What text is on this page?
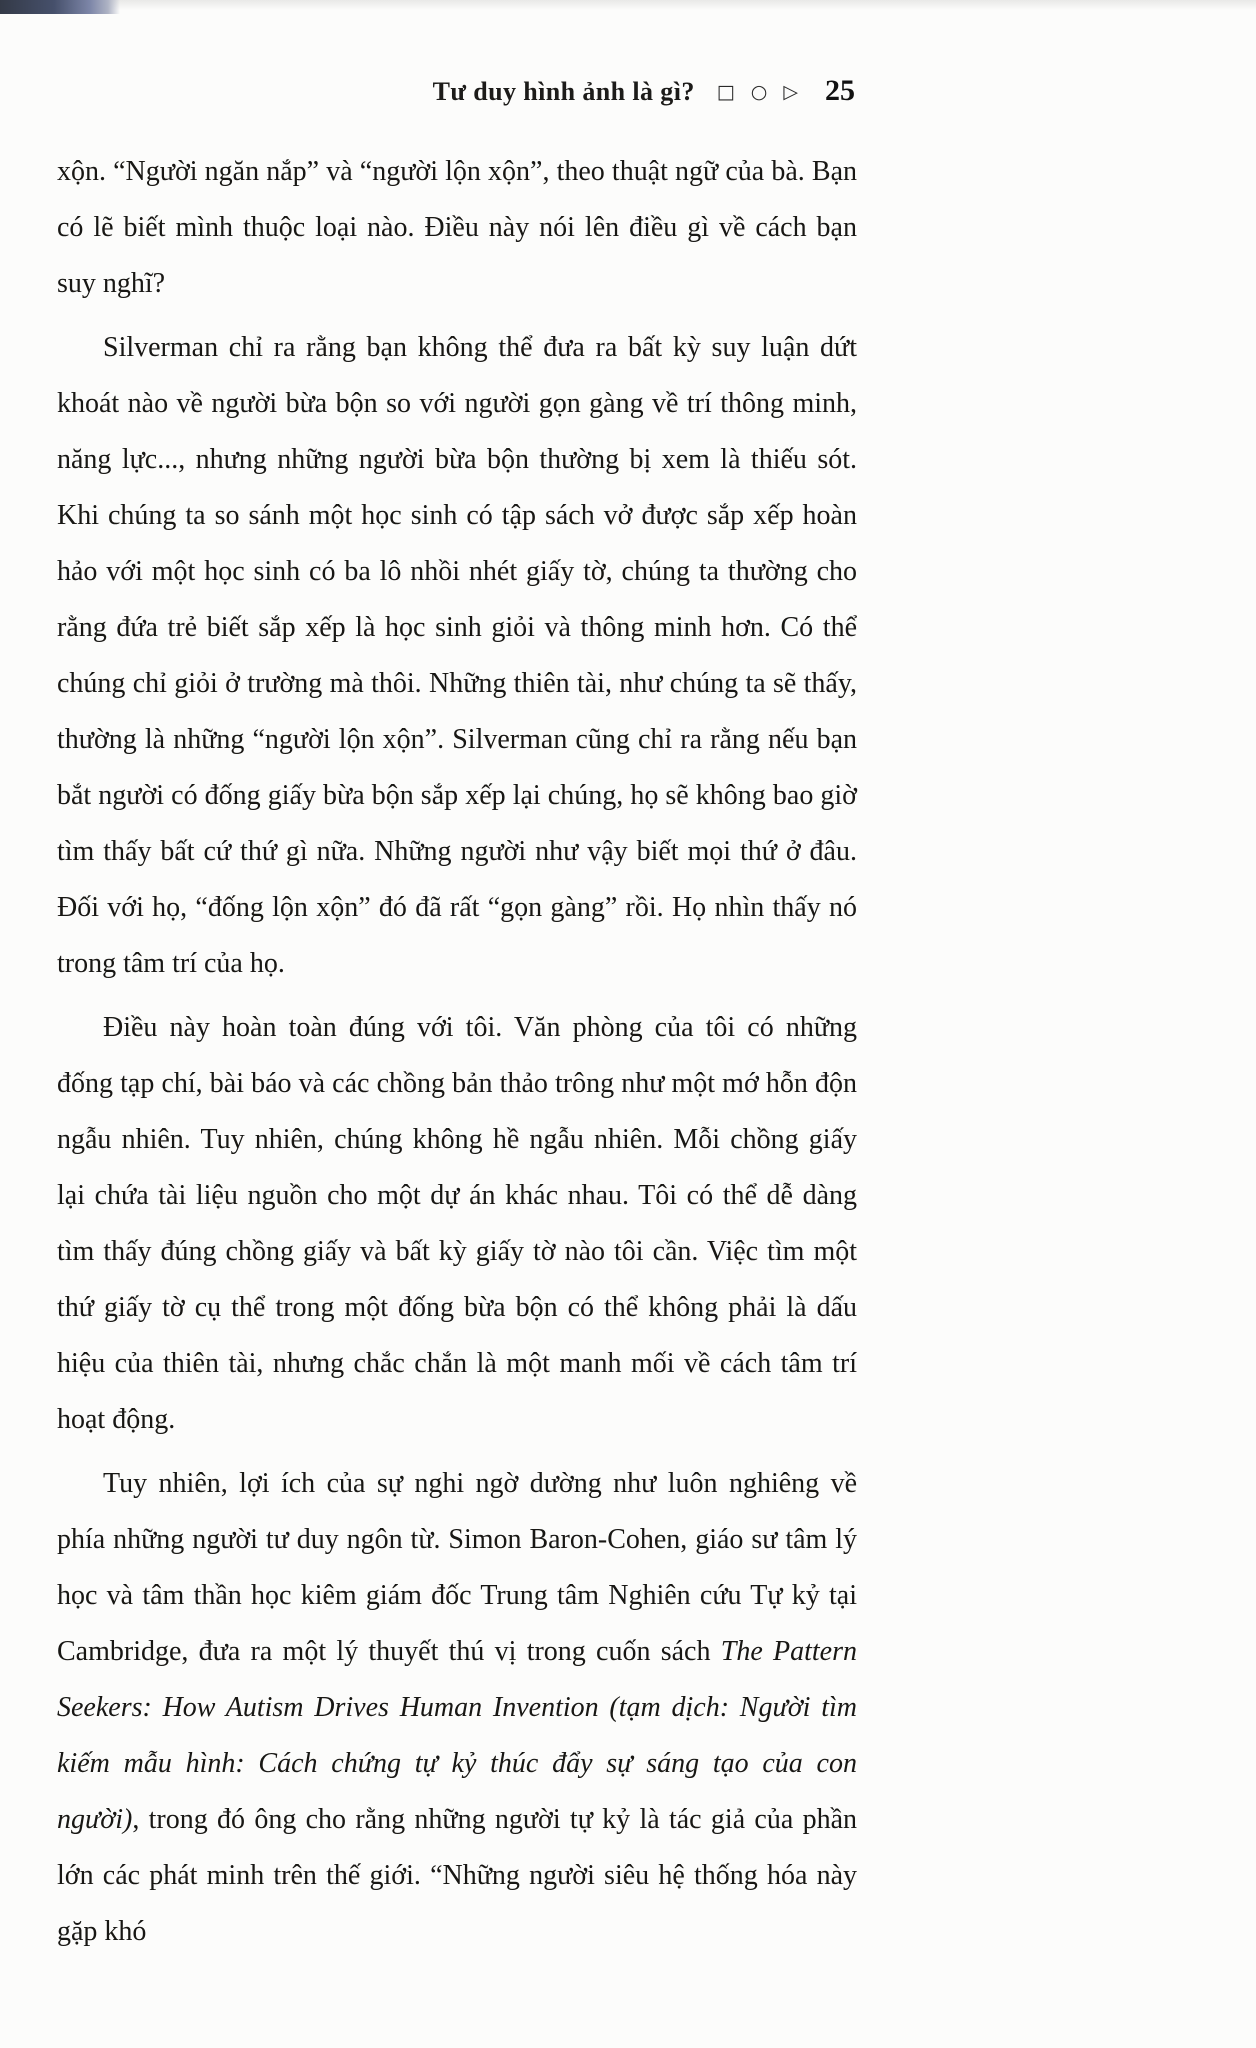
Tư duy hình ảnh là gì? □ ○ ▷ 25

xộn. “Người ngăn nắp” và “người lộn xộn”, theo thuật ngữ của bà. Bạn có lẽ biết mình thuộc loại nào. Điều này nói lên điều gì về cách bạn suy nghĩ?

Silverman chỉ ra rằng bạn không thể đưa ra bất kỳ suy luận dứt khoát nào về người bừa bộn so với người gọn gàng về trí thông minh, năng lực..., nhưng những người bừa bộn thường bị xem là thiếu sót. Khi chúng ta so sánh một học sinh có tập sách vở được sắp xếp hoàn hảo với một học sinh có ba lô nhồi nhét giấy tờ, chúng ta thường cho rằng đứa trẻ biết sắp xếp là học sinh giỏi và thông minh hơn. Có thể chúng chỉ giỏi ở trường mà thôi. Những thiên tài, như chúng ta sẽ thấy, thường là những “người lộn xộn”. Silverman cũng chỉ ra rằng nếu bạn bắt người có đống giấy bừa bộn sắp xếp lại chúng, họ sẽ không bao giờ tìm thấy bất cứ thứ gì nữa. Những người như vậy biết mọi thứ ở đâu. Đối với họ, “đống lộn xộn” đó đã rất “gọn gàng” rồi. Họ nhìn thấy nó trong tâm trí của họ.

Điều này hoàn toàn đúng với tôi. Văn phòng của tôi có những đống tạp chí, bài báo và các chồng bản thảo trông như một mớ hỗn độn ngẫu nhiên. Tuy nhiên, chúng không hề ngẫu nhiên. Mỗi chồng giấy lại chứa tài liệu nguồn cho một dự án khác nhau. Tôi có thể dễ dàng tìm thấy đúng chồng giấy và bất kỳ giấy tờ nào tôi cần. Việc tìm một thứ giấy tờ cụ thể trong một đống bừa bộn có thể không phải là dấu hiệu của thiên tài, nhưng chắc chắn là một manh mối về cách tâm trí hoạt động.

Tuy nhiên, lợi ích của sự nghi ngờ dường như luôn nghiêng về phía những người tư duy ngôn từ. Simon Baron-Cohen, giáo sư tâm lý học và tâm thần học kiêm giám đốc Trung tâm Nghiên cứu Tự kỷ tại Cambridge, đưa ra một lý thuyết thú vị trong cuốn sách The Pattern Seekers: How Autism Drives Human Invention (tạm dịch: Người tìm kiếm mẫu hình: Cách chứng tự kỷ thúc đẩy sự sáng tạo của con người), trong đó ông cho rằng những người tự kỷ là tác giả của phần lớn các phát minh trên thế giới. “Những người siêu hệ thống hóa này gặp khó
